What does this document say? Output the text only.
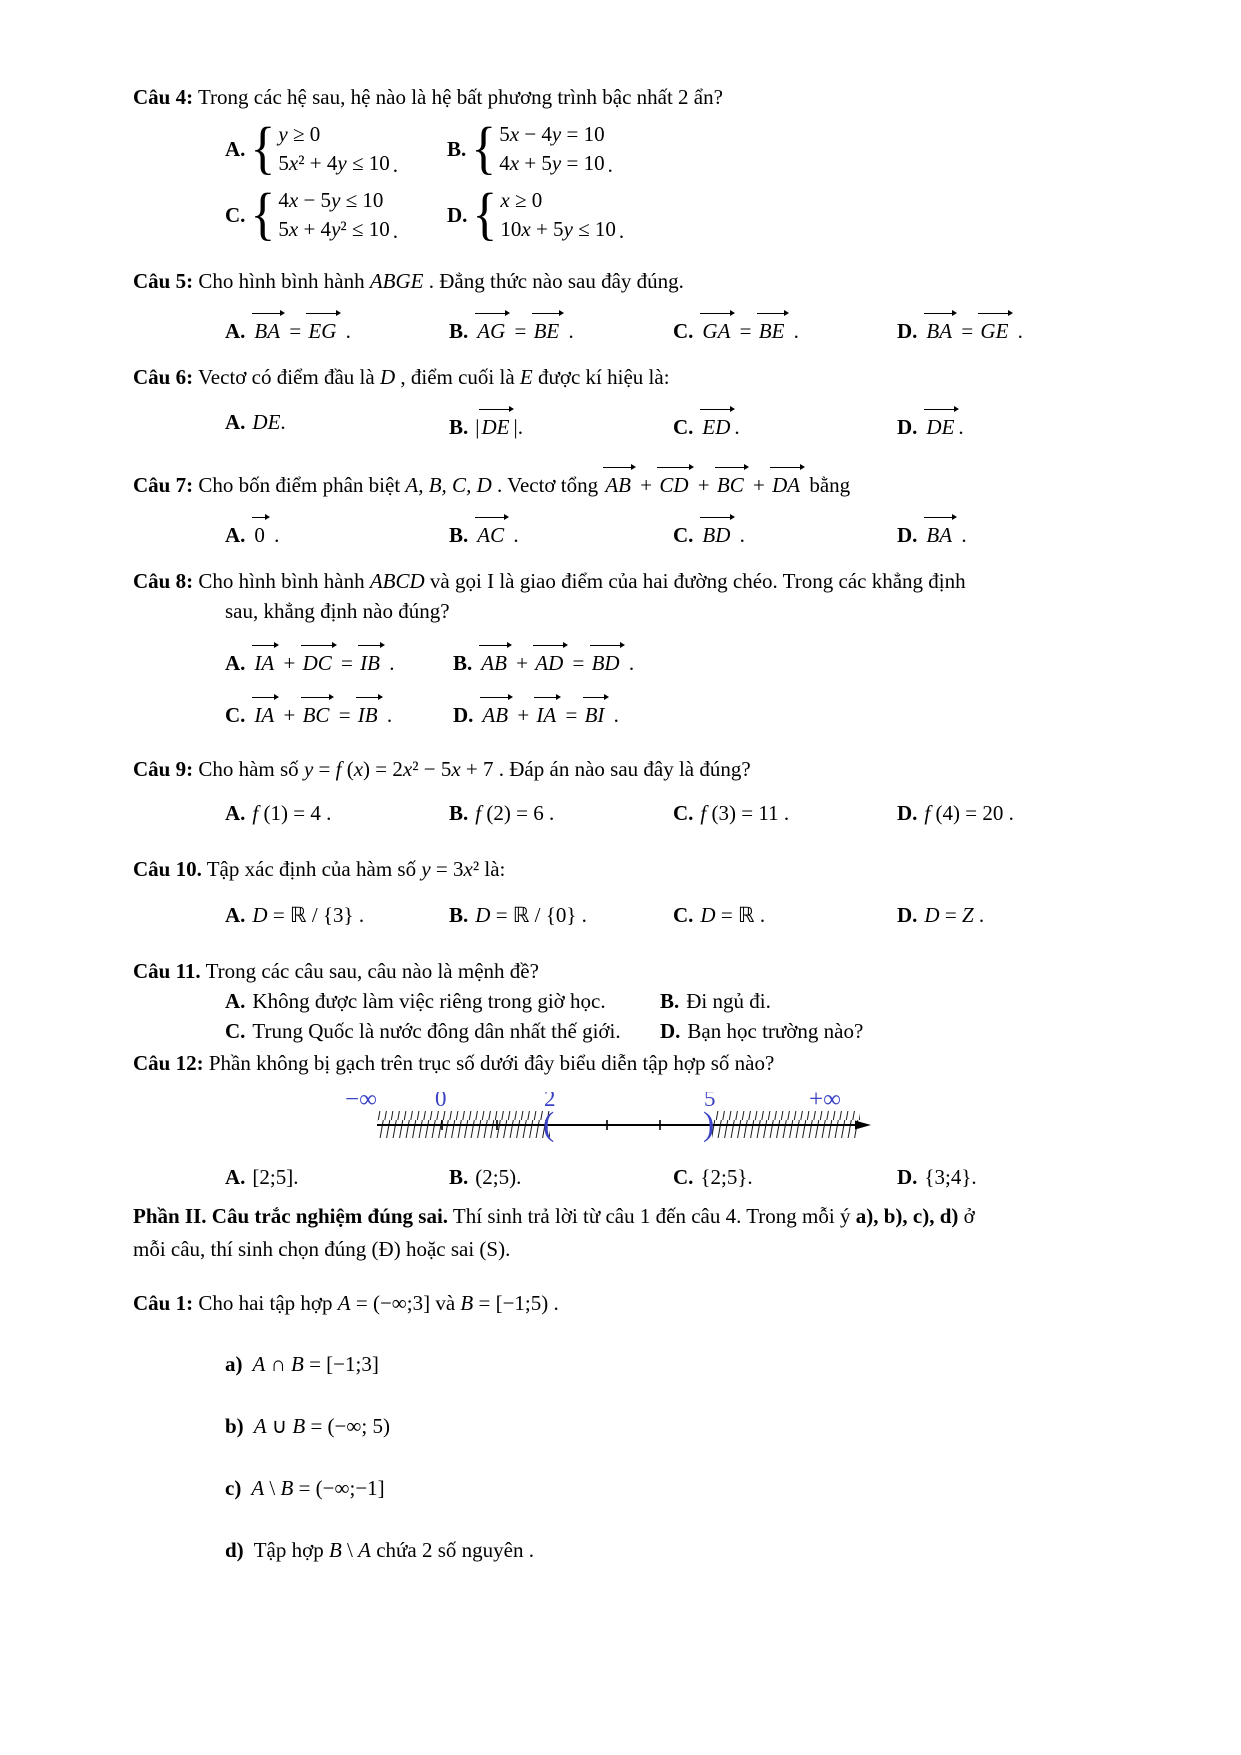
Câu 4: Trong các hệ sau, hệ nào là hệ bất phương trình bậc nhất 2 ẩn?

A. { y ≥ 0
5x² + 4y ≤ 10 .
B. { 5x − 4y = 10
4x + 5y = 10 .
C. { 4x − 5y ≤ 10
5x + 4y² ≤ 10 .
D. { x ≥ 0
10x + 5y ≤ 10 .

Câu 5: Cho hình bình hành ABGE . Đẳng thức nào sau đây đúng.

A. BA = EG .	B. AG = BE .	C. GA = BE .	D. BA = GE .

Câu 6: Vectơ có điểm đầu là D , điểm cuối là E được kí hiệu là:

A. DE.	B. |DE |.	C. ED .	D. DE .

Câu 7: Cho bốn điểm phân biệt A, B, C, D . Vectơ tổng AB + CD + BC + DA bằng

A. 0 .	B. AC .	C. BD .	D. BA .

Câu 8: Cho hình bình hành ABCD và gọi I là giao điểm của hai đường chéo. Trong các khẳng định

sau, khẳng định nào đúng?

A. IA + DC = IB .	B. AB + AD = BD .
C. IA + BC = IB .	D. AB + IA = BI .

Câu 9: Cho hàm số y = f (x) = 2x² − 5x + 7 . Đáp án nào sau đây là đúng?

A. f (1) = 4 .	B. f (2) = 6 .	C. f (3) = 11 .	D. f (4) = 20 .

Câu 10. Tập xác định của hàm số y = 3x² là:

A. D = ℝ / {3} .	B. D = ℝ / {0} .	C. D = ℝ .	D. D = Z .

Câu 11. Trong các câu sau, câu nào là mệnh đề?

A. Không được làm việc riêng trong giờ học.	B. Đi ngủ đi.
C. Trung Quốc là nước đông dân nhất thế giới. D. Bạn học trường nào?

Câu 12: Phần không bị gạch trên trục số dưới đây biểu diễn tập hợp số nào?

−∞	0	2	5	+∞
(	)
A. [2;5].	B. (2;5).	C. {2;5}.	D. {3;4}.

Phần II. Câu trắc nghiệm đúng sai. Thí sinh trả lời từ câu 1 đến câu 4. Trong mỗi ý a), b), c), d) ở

mỗi câu, thí sinh chọn đúng (Đ) hoặc sai (S).

Câu 1: Cho hai tập hợp A = (−∞;3] và B = [−1;5) .

a) A ∩ B = [−1;3]
b) A ∪ B = (−∞; 5)
c) A \ B = (−∞;−1]
d) Tập hợp B \ A chứa 2 số nguyên .
